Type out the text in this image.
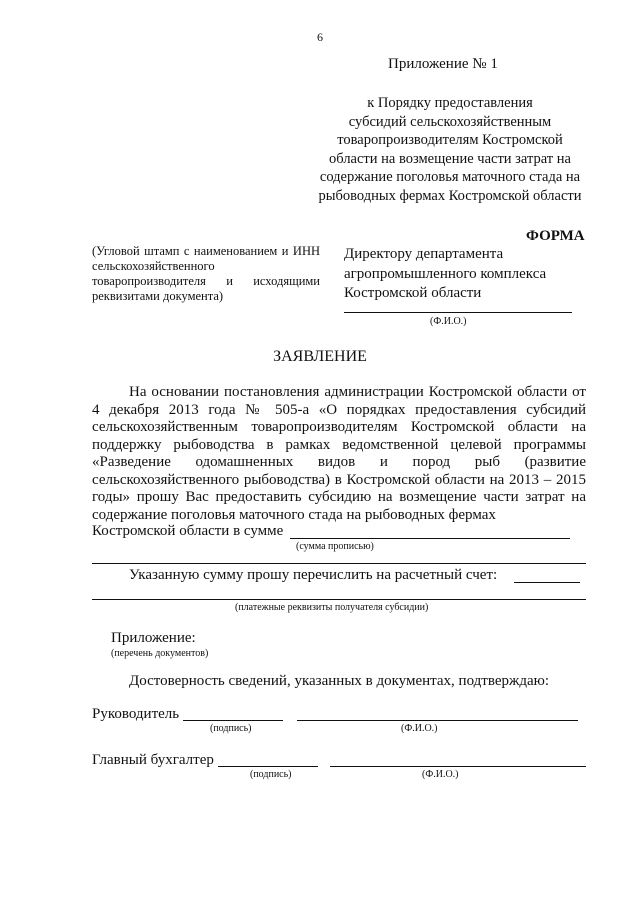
6
Приложение № 1
к Порядку предоставления
субсидий сельскохозяйственным
товаропроизводителям Костромской
области на возмещение части затрат на
содержание поголовья маточного стада на
рыбоводных фермах Костромской области
ФОРМА
(Угловой штамп с наименованием и ИНН сельскохозяйственного товаропроизводителя и исходящими реквизитами документа)
Директору департамента
агропромышленного комплекса
Костромской области
(Ф.И.О.)
ЗАЯВЛЕНИЕ
На основании постановления администрации Костромской области от 4 декабря 2013 года № 505-а «О порядках предоставления субсидий сельскохозяйственным товаропроизводителям Костромской области на поддержку рыбоводства в рамках ведомственной целевой программы «Разведение одомашненных видов и пород рыб (развитие сельскохозяйственного рыбоводства) в Костромской области на 2013 – 2015 годы» прошу Вас предоставить субсидию на возмещение части затрат на содержание поголовья маточного стада на рыбоводных фермах
Костромской области в сумме
(сумма прописью)
Указанную сумму прошу перечислить на расчетный счет:
(платежные реквизиты получателя субсидии)
Приложение:
(перечень документов)
Достоверность сведений, указанных в документах, подтверждаю:
Руководитель
(подпись)	(Ф.И.О.)
Главный бухгалтер
(подпись)	(Ф.И.О.)
